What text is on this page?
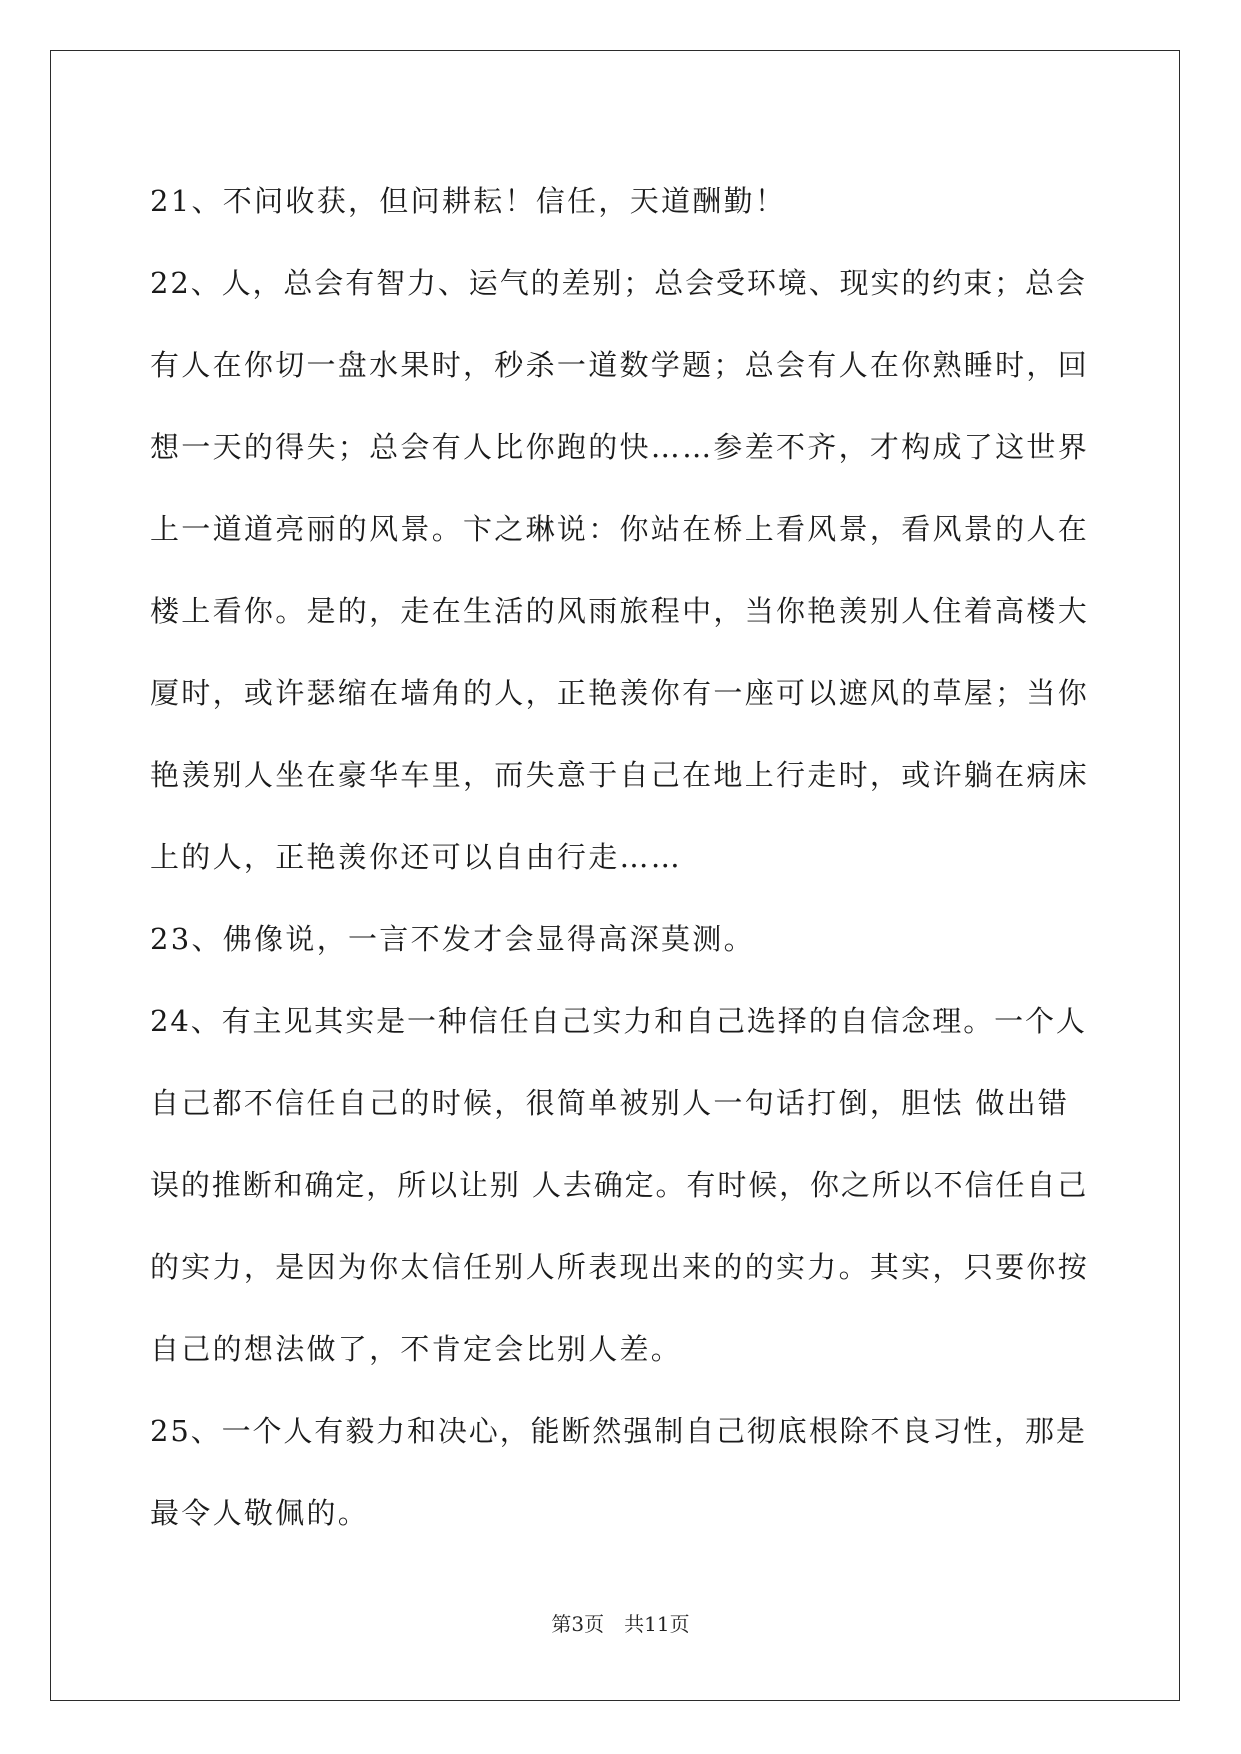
21、不问收获，但问耕耘！信任，天道酬勤！

22、人，总会有智力、运气的差别；总会受环境、现实的约束；总会

有人在你切一盘水果时，秒杀一道数学题；总会有人在你熟睡时，回

想一天的得失；总会有人比你跑的快……参差不齐，才构成了这世界

上一道道亮丽的风景。卞之琳说：你站在桥上看风景，看风景的人在

楼上看你。是的，走在生活的风雨旅程中，当你艳羡别人住着高楼大

厦时，或许瑟缩在墙角的人，正艳羡你有一座可以遮风的草屋；当你

艳羡别人坐在豪华车里，而失意于自己在地上行走时，或许躺在病床

上的人，正艳羡你还可以自由行走……

23、佛像说，一言不发才会显得高深莫测。

24、有主见其实是一种信任自己实力和自己选择的自信念理。一个人

自己都不信任自己的时候，很简单被别人一句话打倒，胆怯 做出错

误的推断和确定，所以让别 人去确定。有时候，你之所以不信任自己

的实力，是因为你太信任别人所表现出来的的实力。其实，只要你按

自己的想法做了，不肯定会比别人差。

25、一个人有毅力和决心，能断然强制自己彻底根除不良习性，那是

最令人敬佩的。

第3页 共11页
